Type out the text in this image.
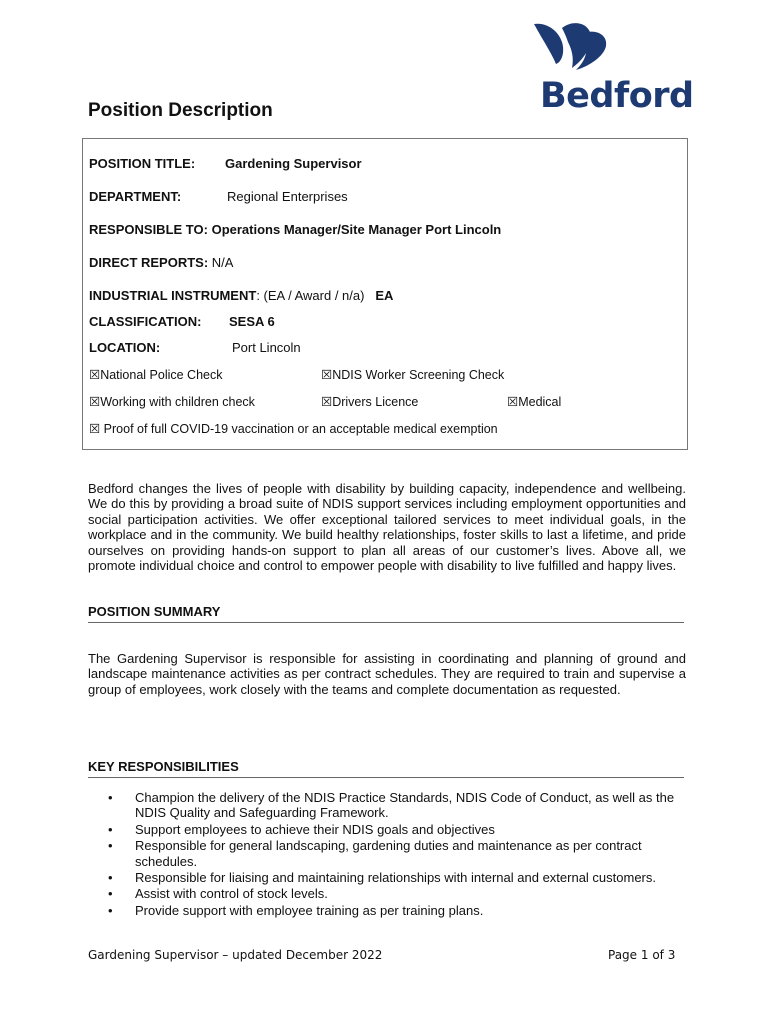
Bedford
Position Description
POSITION TITLE: Gardening Supervisor
DEPARTMENT:	Regional Enterprises
RESPONSIBLE TO: Operations Manager/Site Manager Port Lincoln
DIRECT REPORTS: N/A
INDUSTRIAL INSTRUMENT: (EA / Award / n/a) EA
CLASSIFICATION: SESA 6
LOCATION:	Port Lincoln
☒National Police Check	☒NDIS Worker Screening Check
☒Working with children check	☒Drivers Licence	☒Medical
☒ Proof of full COVID-19 vaccination or an acceptable medical exemption

Bedford changes the lives of people with disability by building capacity, independence and wellbeing. We do this by providing a broad suite of NDIS support services including employment opportunities and social participation activities. We offer exceptional tailored services to meet individual goals, in the workplace and in the community. We build healthy relationships, foster skills to last a lifetime, and pride ourselves on providing hands-on support to plan all areas of our customer’s lives. Above all, we promote individual choice and control to empower people with disability to live fulfilled and happy lives.

POSITION SUMMARY

The Gardening Supervisor is responsible for assisting in coordinating and planning of ground and landscape maintenance activities as per contract schedules. They are required to train and supervise a group of employees, work closely with the teams and complete documentation as requested.

KEY RESPONSIBILITIES
• Champion the delivery of the NDIS Practice Standards, NDIS Code of Conduct, as well as the NDIS Quality and Safeguarding Framework.
• Support employees to achieve their NDIS goals and objectives
• Responsible for general landscaping, gardening duties and maintenance as per contract schedules.
• Responsible for liaising and maintaining relationships with internal and external customers.
• Assist with control of stock levels.
• Provide support with employee training as per training plans.
Gardening Supervisor – updated December 2022	Page 1 of 3
